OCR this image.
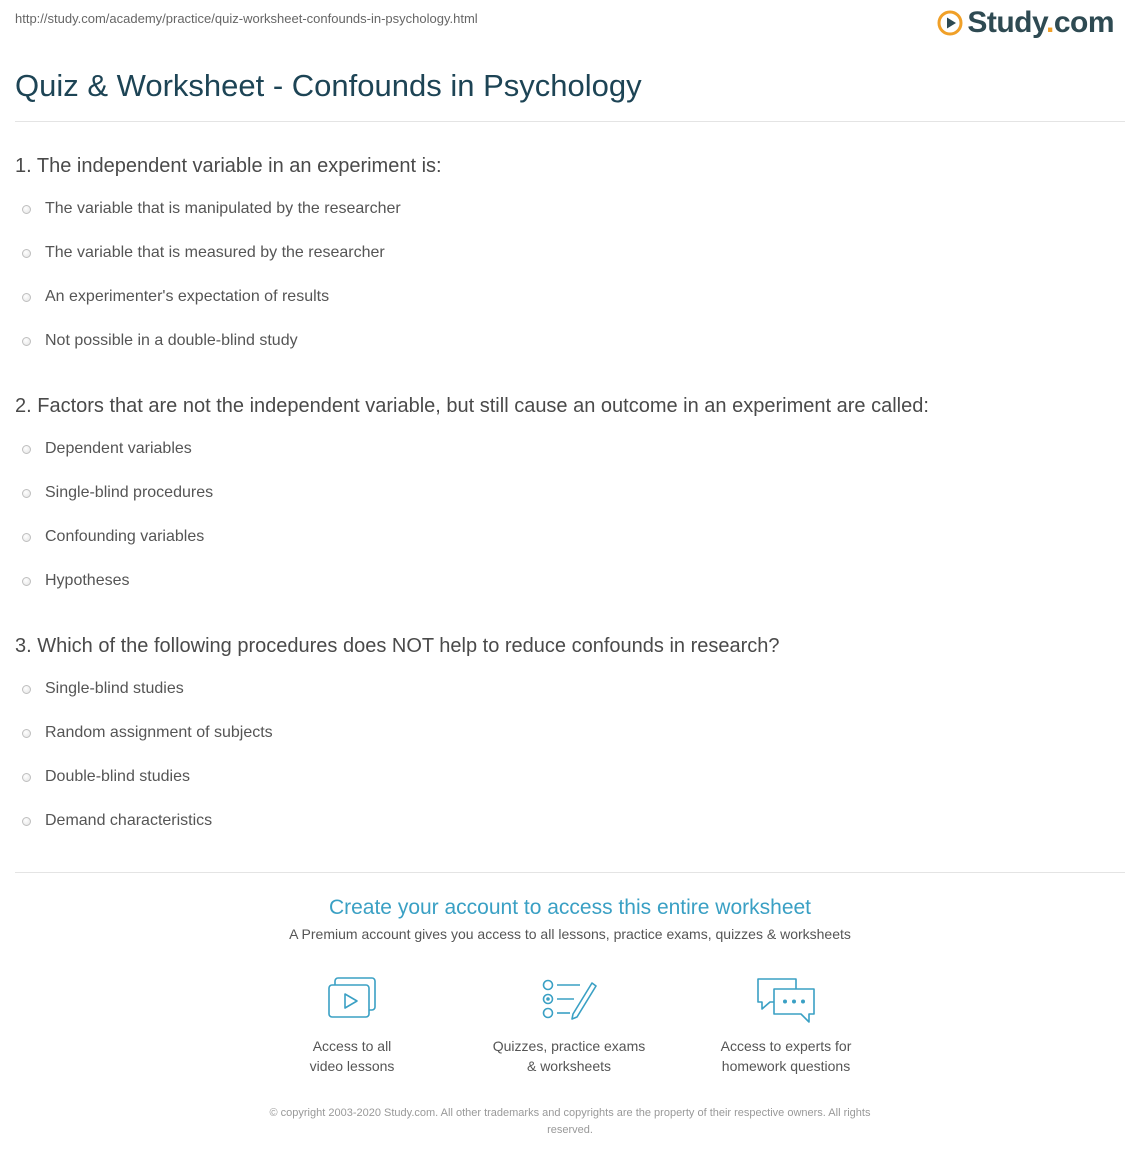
http://study.com/academy/practice/quiz-worksheet-confounds-in-psychology.html	Study.com
Quiz & Worksheet - Confounds in Psychology
1. The independent variable in an experiment is:
The variable that is manipulated by the researcher
The variable that is measured by the researcher
An experimenter's expectation of results
Not possible in a double-blind study
2. Factors that are not the independent variable, but still cause an outcome in an experiment are called:
Dependent variables
Single-blind procedures
Confounding variables
Hypotheses
3. Which of the following procedures does NOT help to reduce confounds in research?
Single-blind studies
Random assignment of subjects
Double-blind studies
Demand characteristics
Create your account to access this entire worksheet
A Premium account gives you access to all lessons, practice exams, quizzes & worksheets
Access to all
video lessons
Quizzes, practice exams
& worksheets
Access to experts for
homework questions
© copyright 2003-2020 Study.com. All other trademarks and copyrights are the property of their respective owners. All rights
reserved.
